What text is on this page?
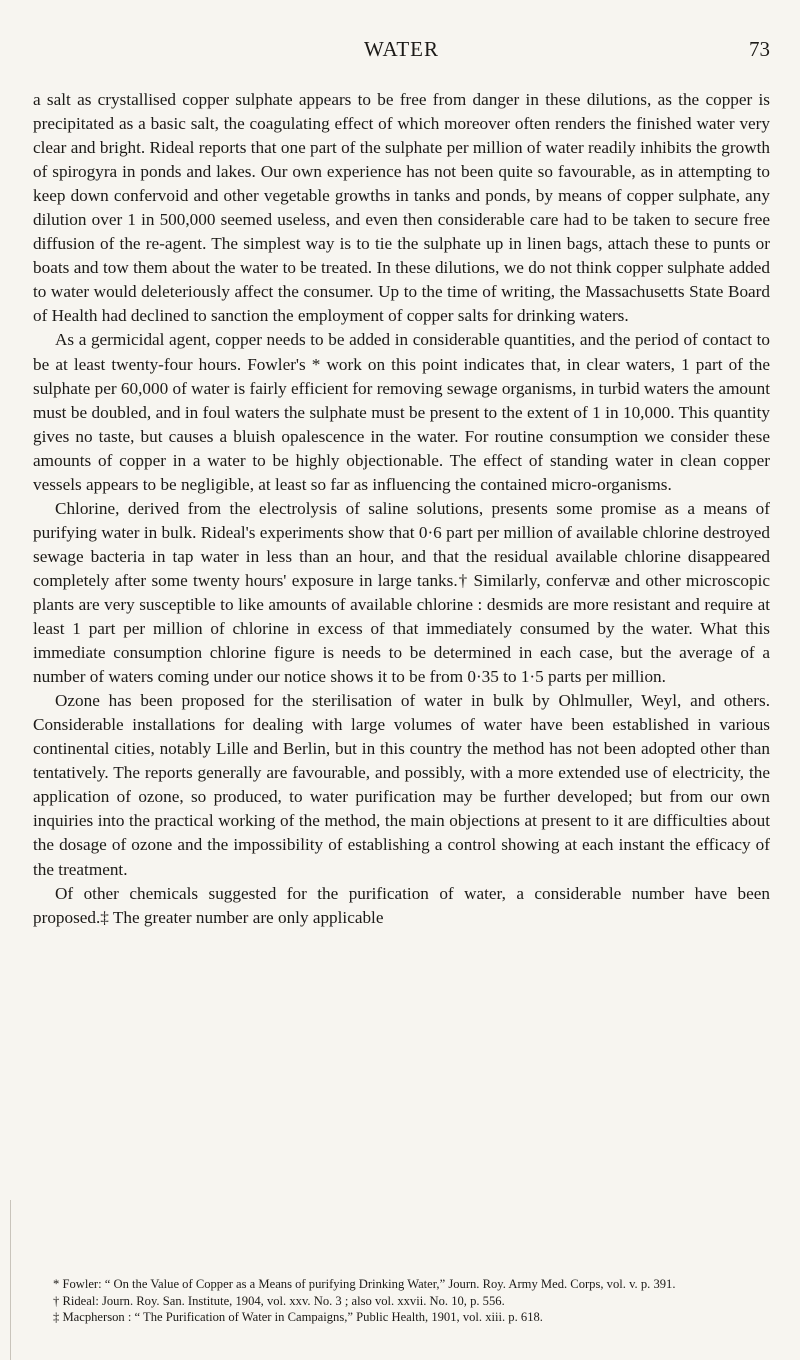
WATER	73

a salt as crystallised copper sulphate appears to be free from danger in these dilutions, as the copper is precipitated as a basic salt, the coagulating effect of which moreover often renders the finished water very clear and bright. Rideal reports that one part of the sulphate per million of water readily inhibits the growth of spirogyra in ponds and lakes. Our own experience has not been quite so favourable, as in attempting to keep down confervoid and other vegetable growths in tanks and ponds, by means of copper sulphate, any dilution over 1 in 500,000 seemed useless, and even then considerable care had to be taken to secure free diffusion of the re-agent. The simplest way is to tie the sulphate up in linen bags, attach these to punts or boats and tow them about the water to be treated. In these dilutions, we do not think copper sulphate added to water would deleteriously affect the consumer. Up to the time of writing, the Massachusetts State Board of Health had declined to sanction the employment of copper salts for drinking waters.

As a germicidal agent, copper needs to be added in considerable quantities, and the period of contact to be at least twenty-four hours. Fowler's * work on this point indicates that, in clear waters, 1 part of the sulphate per 60,000 of water is fairly efficient for removing sewage organisms, in turbid waters the amount must be doubled, and in foul waters the sulphate must be present to the extent of 1 in 10,000. This quantity gives no taste, but causes a bluish opalescence in the water. For routine consumption we consider these amounts of copper in a water to be highly objectionable. The effect of standing water in clean copper vessels appears to be negligible, at least so far as influencing the contained micro-organisms.

Chlorine, derived from the electrolysis of saline solutions, presents some promise as a means of purifying water in bulk. Rideal's experiments show that 0·6 part per million of available chlorine destroyed sewage bacteria in tap water in less than an hour, and that the residual available chlorine disappeared completely after some twenty hours' exposure in large tanks.† Similarly, confervæ and other microscopic plants are very susceptible to like amounts of available chlorine : desmids are more resistant and require at least 1 part per million of chlorine in excess of that immediately consumed by the water. What this immediate consumption chlorine figure is needs to be determined in each case, but the average of a number of waters coming under our notice shows it to be from 0·35 to 1·5 parts per million.

Ozone has been proposed for the sterilisation of water in bulk by Ohlmuller, Weyl, and others. Considerable installations for dealing with large volumes of water have been established in various continental cities, notably Lille and Berlin, but in this country the method has not been adopted other than tentatively. The reports generally are favourable, and possibly, with a more extended use of electricity, the application of ozone, so produced, to water purification may be further developed; but from our own inquiries into the practical working of the method, the main objections at present to it are difficulties about the dosage of ozone and the impossibility of establishing a control showing at each instant the efficacy of the treatment.

Of other chemicals suggested for the purification of water, a considerable number have been proposed.‡ The greater number are only applicable

* Fowler: “ On the Value of Copper as a Means of purifying Drinking Water,” Journ. Roy. Army Med. Corps, vol. v. p. 391.

† Rideal: Journ. Roy. San. Institute, 1904, vol. xxv. No. 3 ; also vol. xxvii. No. 10, p. 556.

‡ Macpherson : “ The Purification of Water in Campaigns,” Public Health, 1901, vol. xiii. p. 618.
